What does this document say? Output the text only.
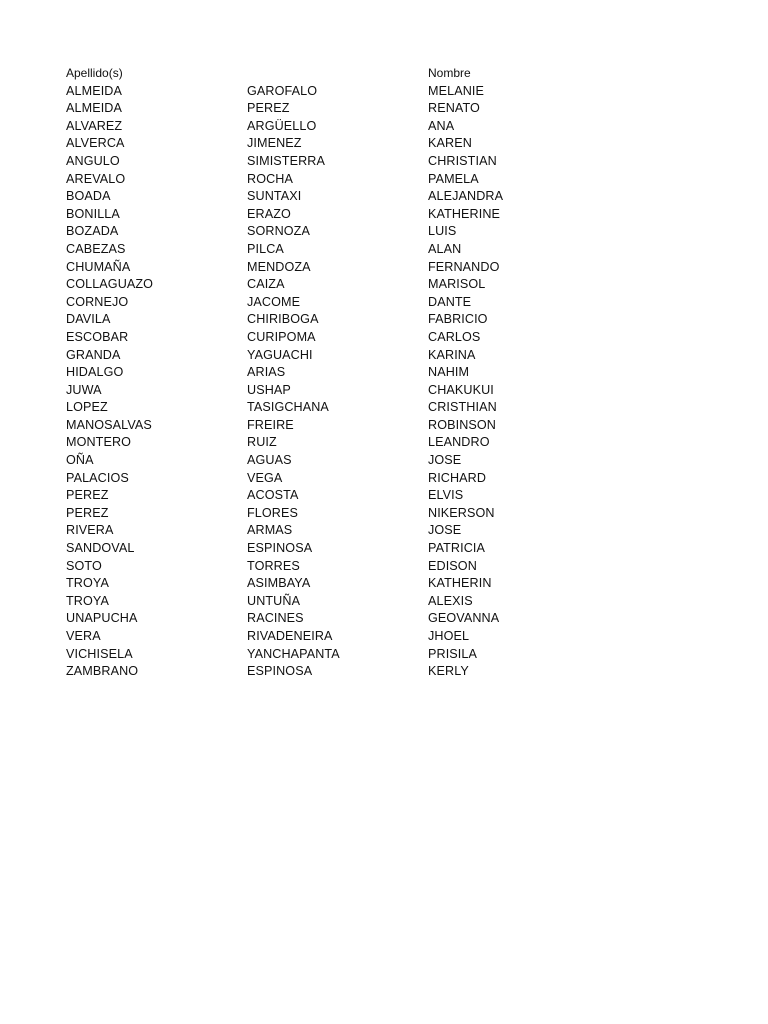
Apellido(s)		Nombre
ALMEIDA	GAROFALO	MELANIE
ALMEIDA	PEREZ	RENATO
ALVAREZ	ARGÜELLO	ANA
ALVERCA	JIMENEZ	KAREN
ANGULO	SIMISTERRA	CHRISTIAN
AREVALO	ROCHA	PAMELA
BOADA	SUNTAXI	ALEJANDRA
BONILLA	ERAZO	KATHERINE
BOZADA	SORNOZA	LUIS
CABEZAS	PILCA	ALAN
CHUMAÑA	MENDOZA	FERNANDO
COLLAGUAZO	CAIZA	MARISOL
CORNEJO	JACOME	DANTE
DAVILA	CHIRIBOGA	FABRICIO
ESCOBAR	CURIPOMA	CARLOS
GRANDA	YAGUACHI	KARINA
HIDALGO	ARIAS	NAHIM
JUWA	USHAP	CHAKUKUI
LOPEZ	TASIGCHANA	CRISTHIAN
MANOSALVAS	FREIRE	ROBINSON
MONTERO	RUIZ	LEANDRO
OÑA	AGUAS	JOSE
PALACIOS	VEGA	RICHARD
PEREZ	ACOSTA	ELVIS
PEREZ	FLORES	NIKERSON
RIVERA	ARMAS	JOSE
SANDOVAL	ESPINOSA	PATRICIA
SOTO	TORRES	EDISON
TROYA	ASIMBAYA	KATHERIN
TROYA	UNTUÑA	ALEXIS
UNAPUCHA	RACINES	GEOVANNA
VERA	RIVADENEIRA	JHOEL
VICHISELA	YANCHAPANTA	PRISILA
ZAMBRANO	ESPINOSA	KERLY
